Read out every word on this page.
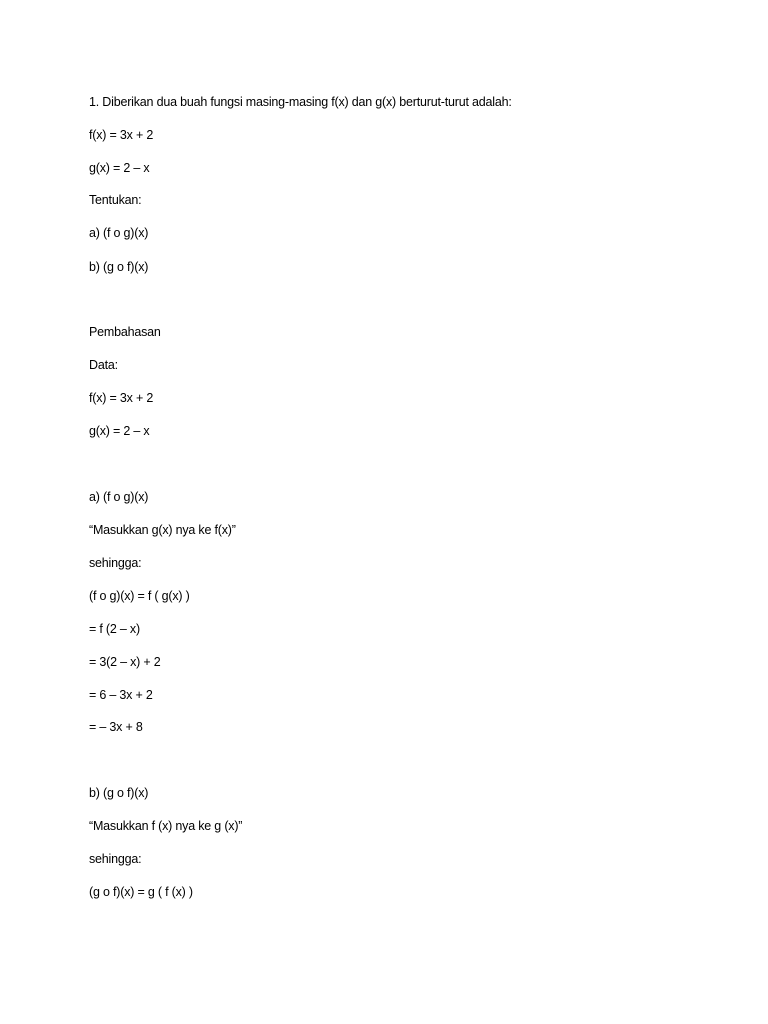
1. Diberikan dua buah fungsi masing-masing f(x) dan g(x) berturut-turut adalah:
f(x) = 3x + 2
g(x) = 2 – x
Tentukan:
a) (f o g)(x)
b) (g o f)(x)
Pembahasan
Data:
f(x) = 3x + 2
g(x) = 2 – x
a) (f o g)(x)
“Masukkan g(x) nya ke f(x)”
sehingga:
(f o g)(x) = f ( g(x) )
= f (2 – x)
= 3(2 – x) + 2
= 6 – 3x + 2
= – 3x + 8
b) (g o f)(x)
“Masukkan f (x) nya ke g (x)”
sehingga:
(g o f)(x) = g ( f (x) )
